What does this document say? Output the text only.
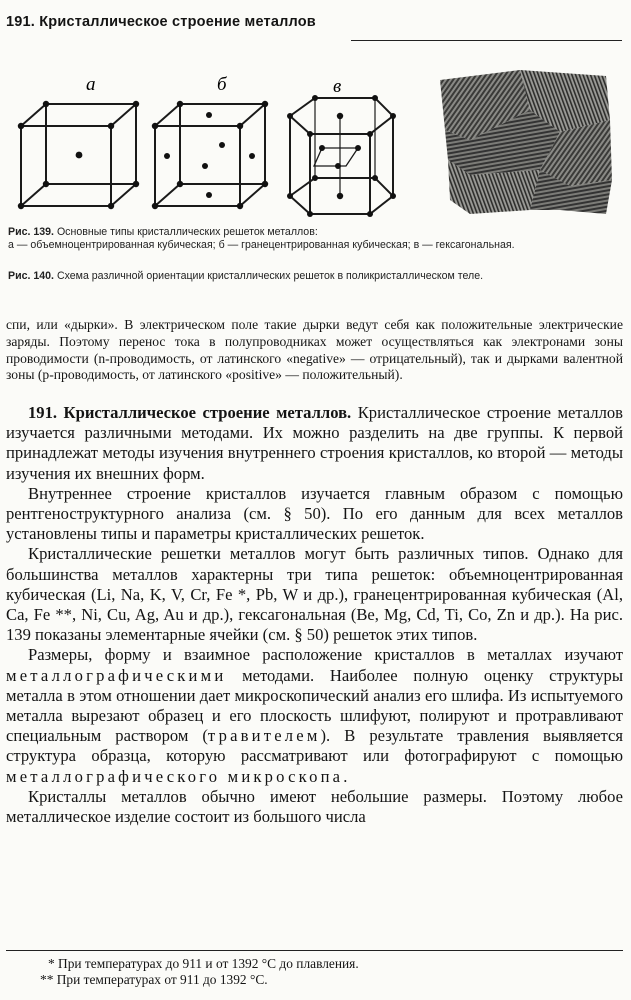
191. Кристаллическое строение металлов
а	б	в
Рис. 139. Основные типы кристаллических решеток металлов:
а — объемноцентрированная кубическая; б — гранецентрированная кубическая; в — гексагональная.
Рис. 140. Схема различной ориентации кристаллических решеток в поликристаллическом теле.

спи, или «дырки». В электрическом поле такие дырки ведут себя как положительные электрические заряды. Поэтому перенос тока в полупроводниках может осуществляться как электронами зоны проводимости (n-проводимость, от латинского «negative» — отрицательный), так и дырками валентной зоны (p-проводимость, от латинского «positive» — положительный).

191. Кристаллическое строение металлов. Кристаллическое строение металлов изучается различными методами. Их можно разделить на две группы. К первой принадлежат методы изучения внутреннего строения кристаллов, ко второй — методы изучения их внешних форм.

Внутреннее строение кристаллов изучается главным образом с помощью рентгеноструктурного анализа (см. § 50). По его данным для всех металлов установлены типы и параметры кристаллических решеток.

Кристаллические решетки металлов могут быть различных типов. Однако для большинства металлов характерны три типа решеток: объемноцентрированная кубическая (Li, Na, K, V, Cr, Fe *, Pb, W и др.), гранецентрированная кубическая (Al, Ca, Fe **, Ni, Cu, Ag, Au и др.), гексагональная (Be, Mg, Cd, Ti, Co, Zn и др.). На рис. 139 показаны элементарные ячейки (см. § 50) решеток этих типов.

Размеры, форму и взаимное расположение кристаллов в металлах изучают металлографическими методами. Наиболее полную оценку структуры металла в этом отношении дает микроскопический анализ его шлифа. Из испытуемого металла вырезают образец и его плоскость шлифуют, полируют и протравливают специальным раствором (травителем). В результате травления выявляется структура образца, которую рассматривают или фотографируют с помощью металлографического микроскопа.

Кристаллы металлов обычно имеют небольшие размеры. Поэтому любое металлическое изделие состоит из большого числа

* При температурах до 911 и от 1392 °С до плавления.
** При температурах от 911 до 1392 °С.
